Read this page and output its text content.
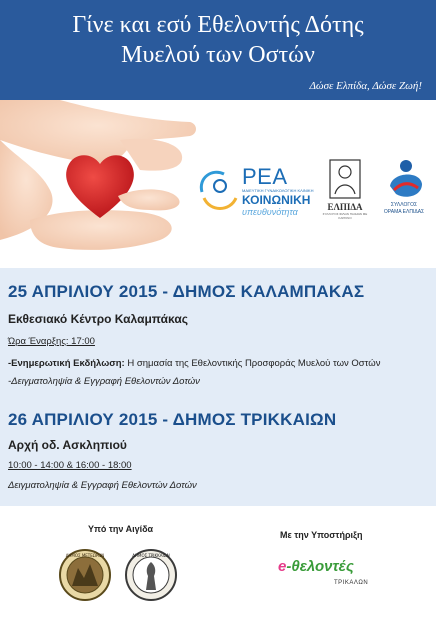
Γίνε και εσύ Εθελοντής Δότης
Μυελού των Οστών
Δώσε Ελπίδα, Δώσε Ζωή!
ΡΕΑ
ΜΑΙΕΥΤΙΚΗ ΓΥΝΑΙΚΟΛΟΓΙΚΗ ΚΛΙΝΙΚΗ
ΚΟΙΝΩΝΙΚΗ
υπευθυνότητα	ΕΛΠΙΔΑ
ΣΥΛΛΟΓΟΣ ΦΙΛΩΝ ΠΑΙΔΙΩΝ ΜΕ ΚΑΡΚΙΝΟ
ΣΥΛΛΟΓΟΣ
ΟΡΑΜΑ ΕΛΠΙΔΑΣ
25 ΑΠΡΙΛΙΟΥ 2015 - ΔΗΜΟΣ ΚΑΛΑΜΠΑΚΑΣ
Εκθεσιακό Κέντρο Καλαμπάκας
Ώρα Έναρξης: 17:00
-Ενημερωτική Εκδήλωση: Η σημασία της Εθελοντικής Προσφοράς Μυελού των Οστών
-Δειγματοληψία & Εγγραφή Εθελοντών Δοτών
26 ΑΠΡΙΛΙΟΥ 2015 - ΔΗΜΟΣ ΤΡΙΚΚΑΙΩΝ
Αρχή οδ. Ασκληπιού
10:00 - 14:00 & 16:00 - 18:00
Δειγματοληψία & Εγγραφή Εθελοντών Δοτών
Υπό την Αιγίδα
Με την Υποστήριξη
ΔΗΜΟΣ ΜΕΤΕΩΡΩΝ	ΔΗΜΟΣ ΤΡΙΚΚΑΙΩΝ
e-θελοντές
ΤΡΙΚΑΛΩΝ
